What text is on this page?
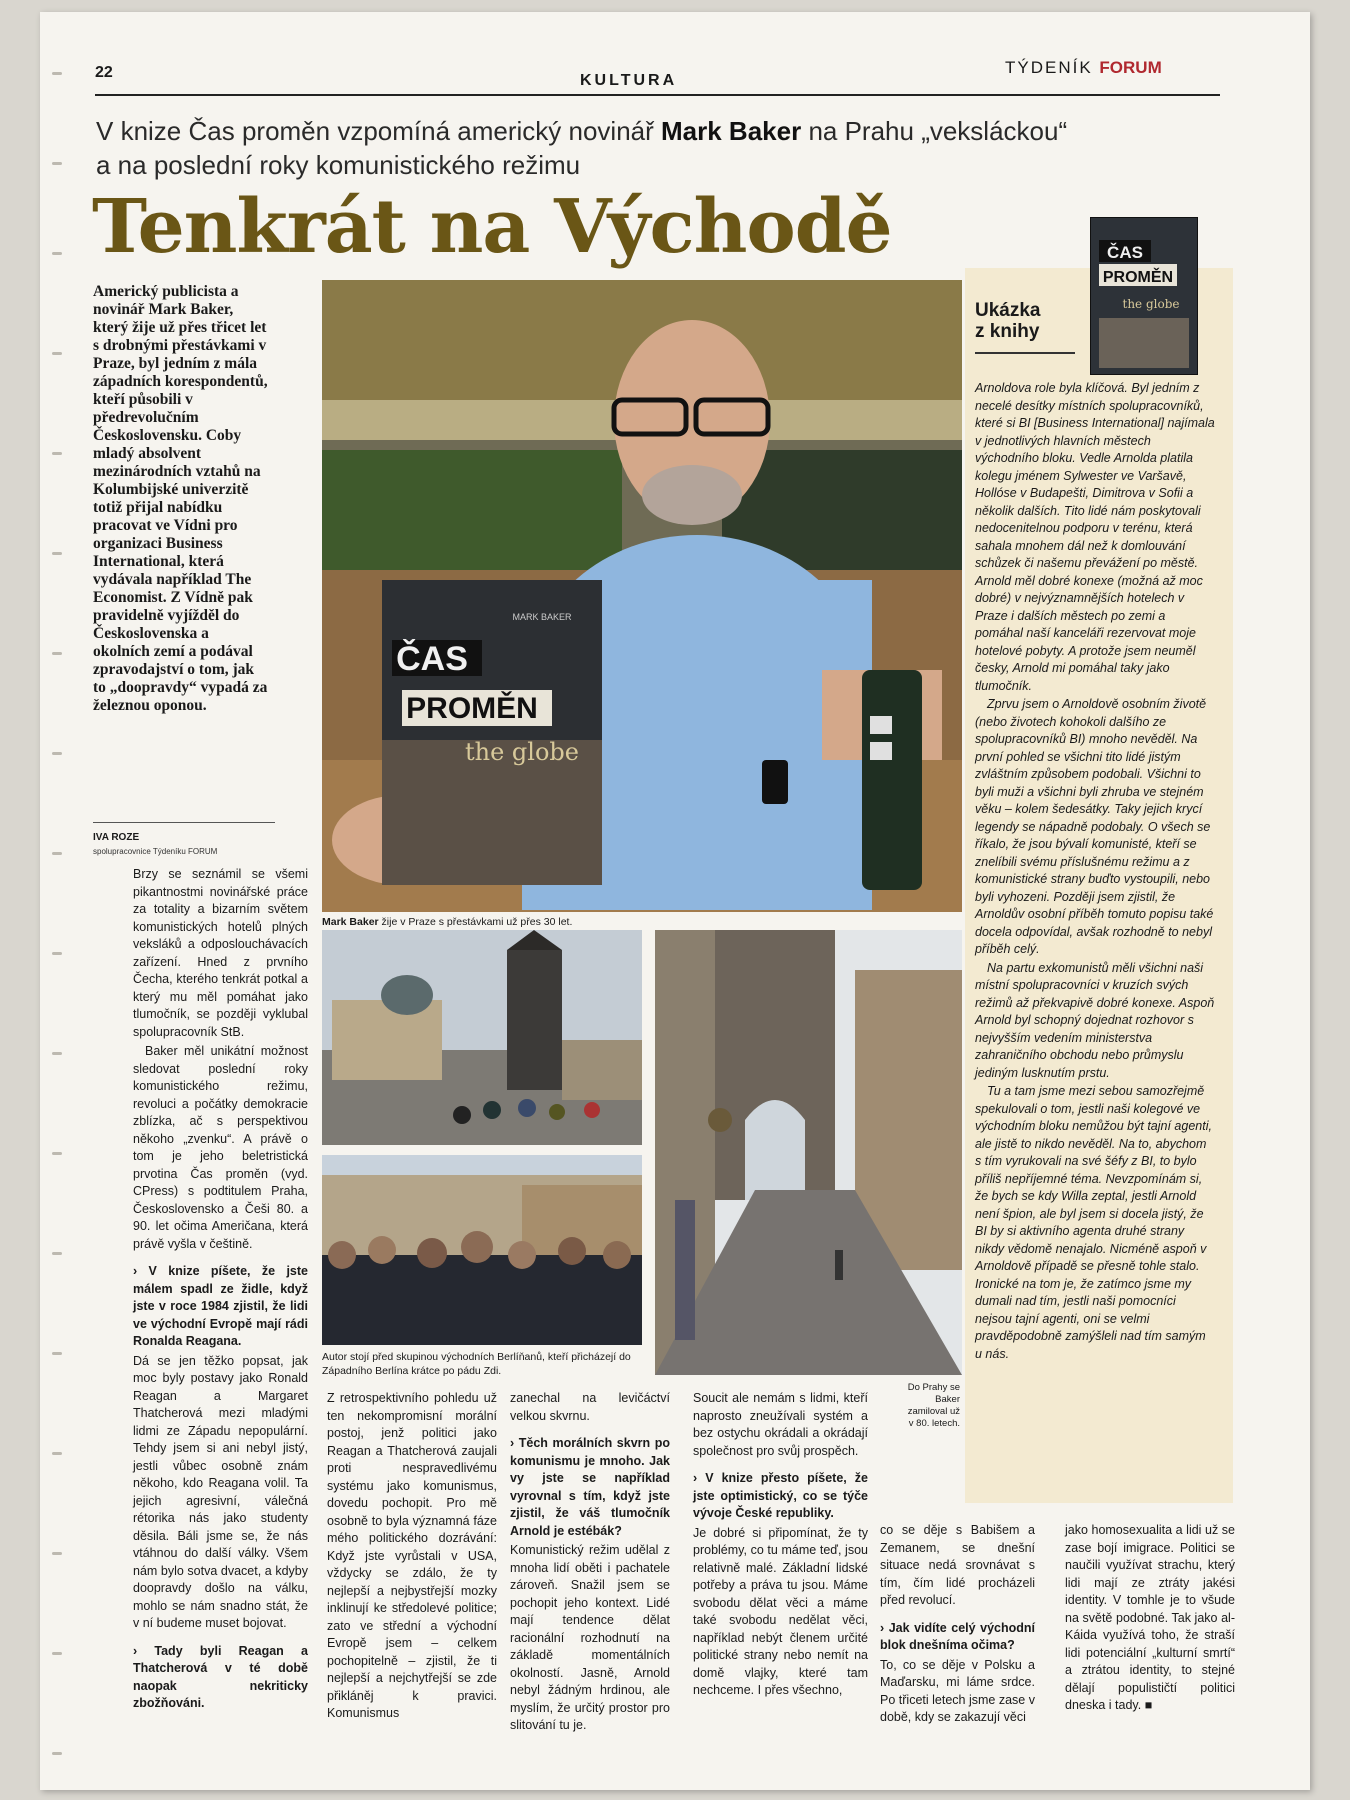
22	KULTURA
TÝDENÍK FORUM
V knize Čas proměn vzpomíná americký novinář Mark Baker na Prahu „veksláckou“
a na poslední roky komunistického režimu
Tenkrát na Východě
Americký publicista a novinář Mark Baker, který žije už přes třicet let s drobnými přestávkami v Praze, byl jedním z mála západních korespondentů, kteří působili v předrevolučním Československu. Coby mladý absolvent mezinárodních vztahů na Kolumbijské univerzitě totiž přijal nabídku pracovat ve Vídni pro organizaci Business International, která vydávala například The Economist. Z Vídně pak pravidelně vyjížděl do Československa a okolních zemí a podával zpravodajství o tom, jak to „doopravdy“ vypadá za železnou oponou.
IVA ROZE
spolupracovnice Týdeníku FORUM
ČAS
PROMĚN
MARK BAKER
the globe
Mark Baker žije v Praze s přestávkami už přes 30 let.
Autor stojí před skupinou východních Berlíňanů, kteří přicházejí do Západního Berlína krátce po pádu Zdi.
Do Prahy se Baker zamiloval už v 80. letech.

Brzy se seznámil se všemi pikantnostmi novinářské práce za totality a bizarním světem komunistických hotelů plných veksláků a odposlouchávacích zařízení. Hned z prvního Čecha, kterého tenkrát potkal a který mu měl pomáhat jako tlumočník, se později vyklubal spolupracovník StB.

Baker měl unikátní možnost sledovat poslední roky komunistického režimu, revoluci a počátky demokracie zblízka, ač s perspektivou někoho „zvenku“. A právě o tom je jeho beletristická prvotina Čas proměn (vyd. CPress) s podtitulem Praha, Československo a Češi 80. a 90. let očima Američana, která právě vyšla v češtině.

› V knize píšete, že jste málem spadl ze židle, když jste v roce 1984 zjistil, že lidi ve východní Evropě mají rádi Ronalda Reagana.

Dá se jen těžko popsat, jak moc byly postavy jako Ronald Reagan a Margaret Thatcherová mezi mladými lidmi ze Západu nepopulární. Tehdy jsem si ani nebyl jistý, jestli vůbec osobně znám někoho, kdo Reagana volil. Ta jejich agresivní, válečná rétorika nás jako studenty děsila. Báli jsme se, že nás vtáhnou do další války. Všem nám bylo sotva dvacet, a kdyby doopravdy došlo na válku, mohlo se nám snadno stát, že v ní budeme muset bojovat.

› Tady byli Reagan a Thatcherová v té době naopak nekriticky zbožňováni.

Z retrospektivního pohledu už ten nekompromisní morální postoj, jenž politici jako Reagan a Thatcherová zaujali proti nespravedlivému systému jako komunismus, dovedu pochopit. Pro mě osobně to byla významná fáze mého politického dozrávání: Když jste vyrůstali v USA, vždycky se zdálo, že ty nejlepší a nejbystřejší mozky inklinují ke středolevé politice; zato ve střední a východní Evropě jsem – celkem pochopitelně – zjistil, že ti nejlepší a nejchytřejší se zde přikláněj k pravici. Komunismus

zanechal na levičáctví velkou skvrnu.

› Těch morálních skvrn po komunismu je mnoho. Jak vy jste se například vyrovnal s tím, když jste zjistil, že váš tlumočník Arnold je estébák?

Komunistický režim udělal z mnoha lidí oběti i pachatele zároveň. Snažil jsem se pochopit jeho kontext. Lidé mají tendence dělat racionální rozhodnutí na základě momentálních okolností. Jasně, Arnold nebyl žádným hrdinou, ale myslím, že určitý prostor pro slitování tu je.

Soucit ale nemám s lidmi, kteří naprosto zneužívali systém a bez ostychu okrádali a okrádají společnost pro svůj prospěch.

› V knize přesto píšete, že jste optimistický, co se týče vývoje České republiky.

Je dobré si připomínat, že ty problémy, co tu máme teď, jsou relativně malé. Základní lidské potřeby a práva tu jsou. Máme svobodu dělat věci a máme také svobodu nedělat věci, například nebýt členem určité politické strany nebo nemít na domě vlajky, které tam nechceme. I přes všechno,

co se děje s Babišem a Zemanem, se dnešní situace nedá srovnávat s tím, čím lidé procházeli před revolucí.

› Jak vidíte celý východní blok dnešníma očima?

To, co se děje v Polsku a Maďarsku, mi láme srdce. Po třiceti letech jsme zase v době, kdy se zakazují věci

jako homosexualita a lidi už se zase bojí imigrace. Politici se naučili využívat strachu, který lidi mají ze ztráty jakési identity. V tomhle je to všude na světě podobné. Tak jako al-Káida využívá toho, že straší lidi potenciální „kulturní smrtí“ a ztrátou identity, to stejné dělají populističtí politici dneska i tady. ■

ČAS
PROMĚN
the globe
Ukázka
z knihy

Arnoldova role byla klíčová. Byl jedním z necelé desítky místních spolupracovníků, které si BI [Business International] najímala v jednotlivých hlavních městech východního bloku. Vedle Arnolda platila kolegu jménem Sylwester ve Varšavě, Hollóse v Budapešti, Dimitrova v Sofii a několik dalších. Tito lidé nám poskytovali nedocenitelnou podporu v terénu, která sahala mnohem dál než k domlouvání schůzek či našemu převážení po městě. Arnold měl dobré konexe (možná až moc dobré) v nejvýznamnějších hotelech v Praze i dalších městech po zemi a pomáhal naší kanceláři rezervovat moje hotelové pobyty. A protože jsem neuměl česky, Arnold mi pomáhal taky jako tlumočník.

Zprvu jsem o Arnoldově osobním životě (nebo životech kohokoli dalšího ze spolupracovníků BI) mnoho nevěděl. Na první pohled se všichni tito lidé jistým zvláštním způsobem podobali. Všichni to byli muži a všichni byli zhruba ve stejném věku – kolem šedesátky. Taky jejich krycí legendy se nápadně podobaly. O všech se říkalo, že jsou bývalí komunisté, kteří se znelíbili svému příslušnému režimu a z komunistické strany buďto vystoupili, nebo byli vyhozeni. Později jsem zjistil, že Arnoldův osobní příběh tomuto popisu také docela odpovídal, avšak rozhodně to nebyl příběh celý.

Na partu exkomunistů měli všichni naši místní spolupracovníci v kruzích svých režimů až překvapivě dobré konexe. Aspoň Arnold byl schopný dojednat rozhovor s nejvyšším vedením ministerstva zahraničního obchodu nebo průmyslu jediným lusknutím prstu.

Tu a tam jsme mezi sebou samozřejmě spekulovali o tom, jestli naši kolegové ve východním bloku nemůžou být tajní agenti, ale jistě to nikdo nevěděl. Na to, abychom s tím vyrukovali na své šéfy z BI, to bylo příliš nepříjemné téma. Nevzpomínám si, že bych se kdy Willa zeptal, jestli Arnold není špion, ale byl jsem si docela jistý, že BI by si aktivního agenta druhé strany nikdy vědomě nenajalo. Nicméně aspoň v Arnoldově případě se přesně tohle stalo. Ironické na tom je, že zatímco jsme my dumali nad tím, jestli naši pomocníci nejsou tajní agenti, oni se velmi pravděpodobně zamýšleli nad tím samým u nás.
